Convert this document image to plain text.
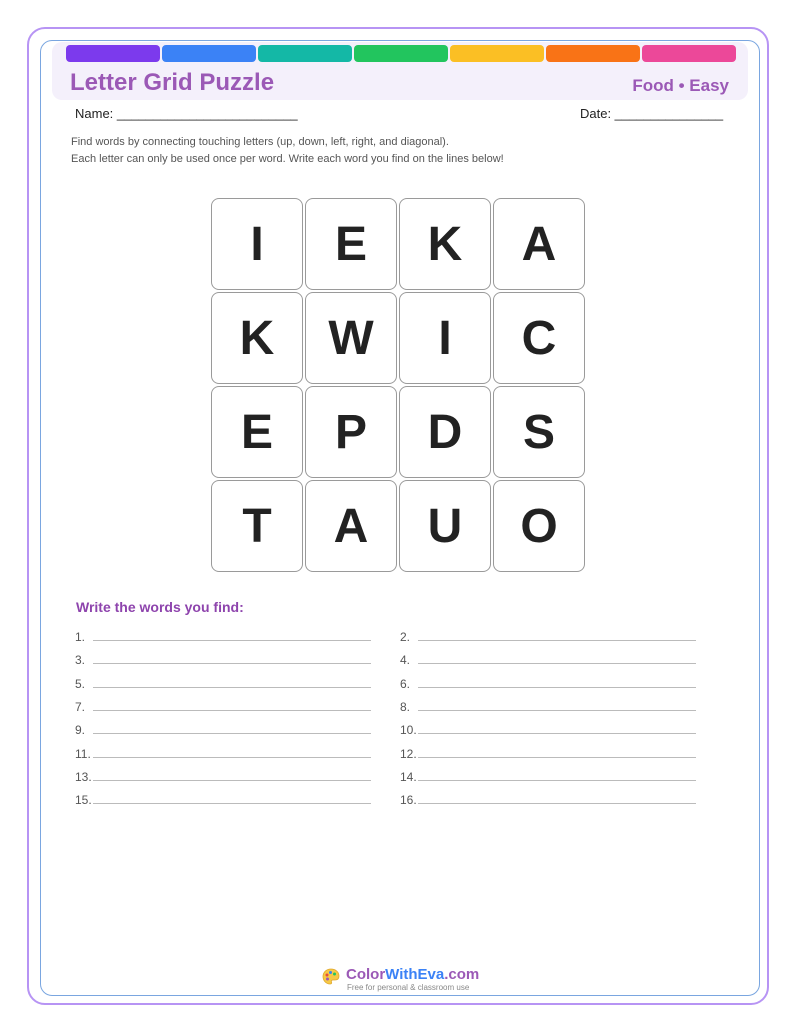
Letter Grid Puzzle	Food • Easy
Name: _________________________	Date: _______________
Find words by connecting touching letters (up, down, left, right, and diagonal).
Each letter can only be used once per word. Write each word you find on the lines below!
I	E	K	A
K	W	I	C
E	P	D	S
T	A	U	O
Write the words you find:
1.	2.
3.	4.
5.	6.
7.	8.
9.	10.
11.	12.
13.	14.
15.	16.
ColorWithEva.com
Free for personal & classroom use
